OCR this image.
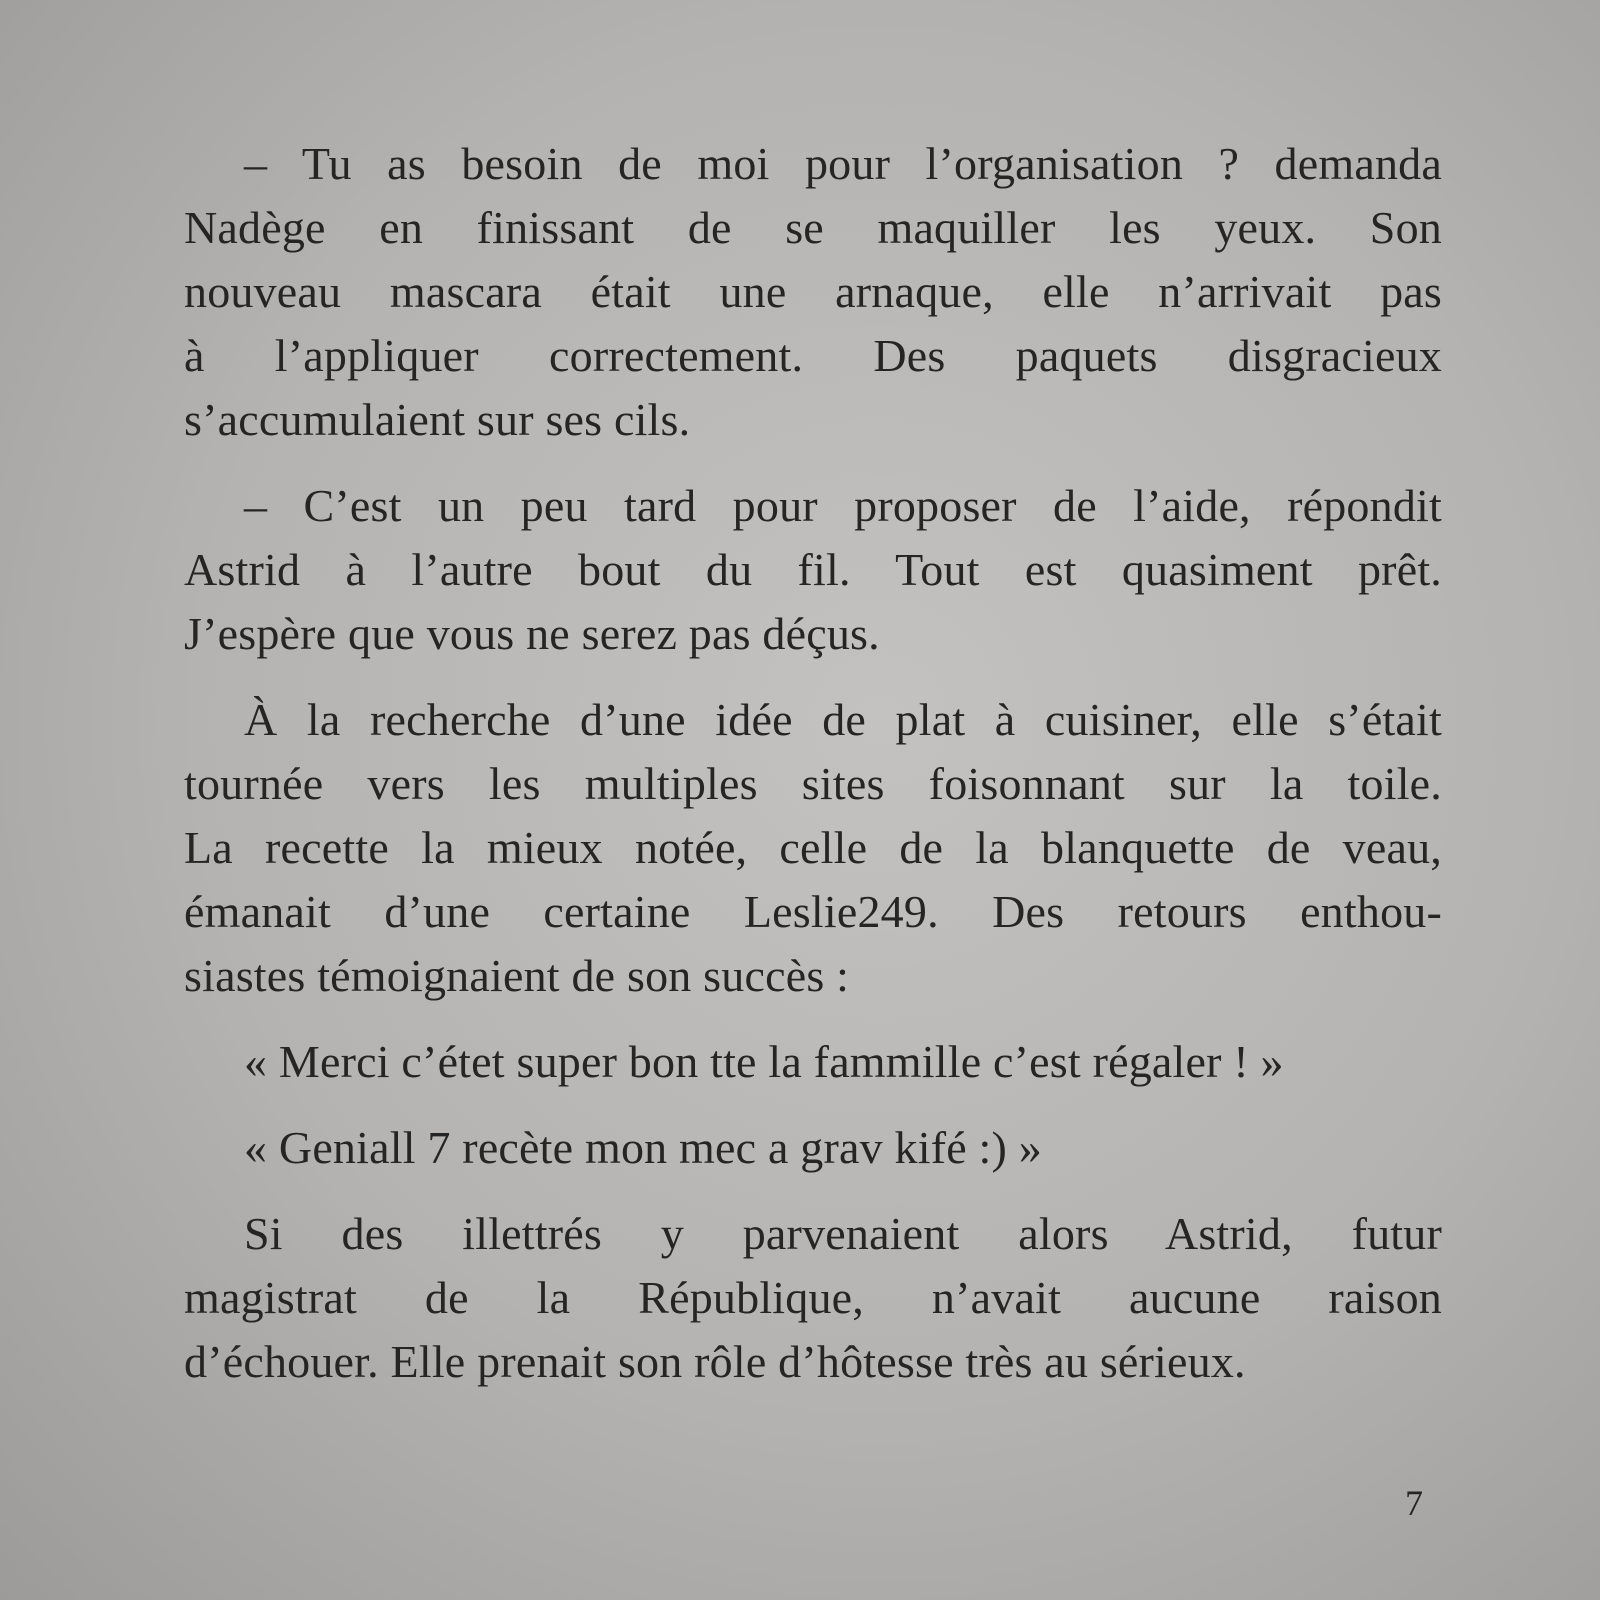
– Tu as besoin de moi pour l’organisation ? demanda
Nadège en finissant de se maquiller les yeux. Son
nouveau mascara était une arnaque, elle n’arrivait pas
à l’appliquer correctement. Des paquets disgracieux
s’accumulaient sur ses cils.
– C’est un peu tard pour proposer de l’aide, répondit
Astrid à l’autre bout du fil. Tout est quasiment prêt.
J’espère que vous ne serez pas déçus.
À la recherche d’une idée de plat à cuisiner, elle s’était
tournée vers les multiples sites foisonnant sur la toile.
La recette la mieux notée, celle de la blanquette de veau,
émanait d’une certaine Leslie249. Des retours enthou-
siastes témoignaient de son succès :
« Merci c’étet super bon tte la fammille c’est régaler ! »
« Geniall 7 recète mon mec a grav kifé :) »
Si des illettrés y parvenaient alors Astrid, futur
magistrat de la République, n’avait aucune raison
d’échouer. Elle prenait son rôle d’hôtesse très au sérieux.
7
